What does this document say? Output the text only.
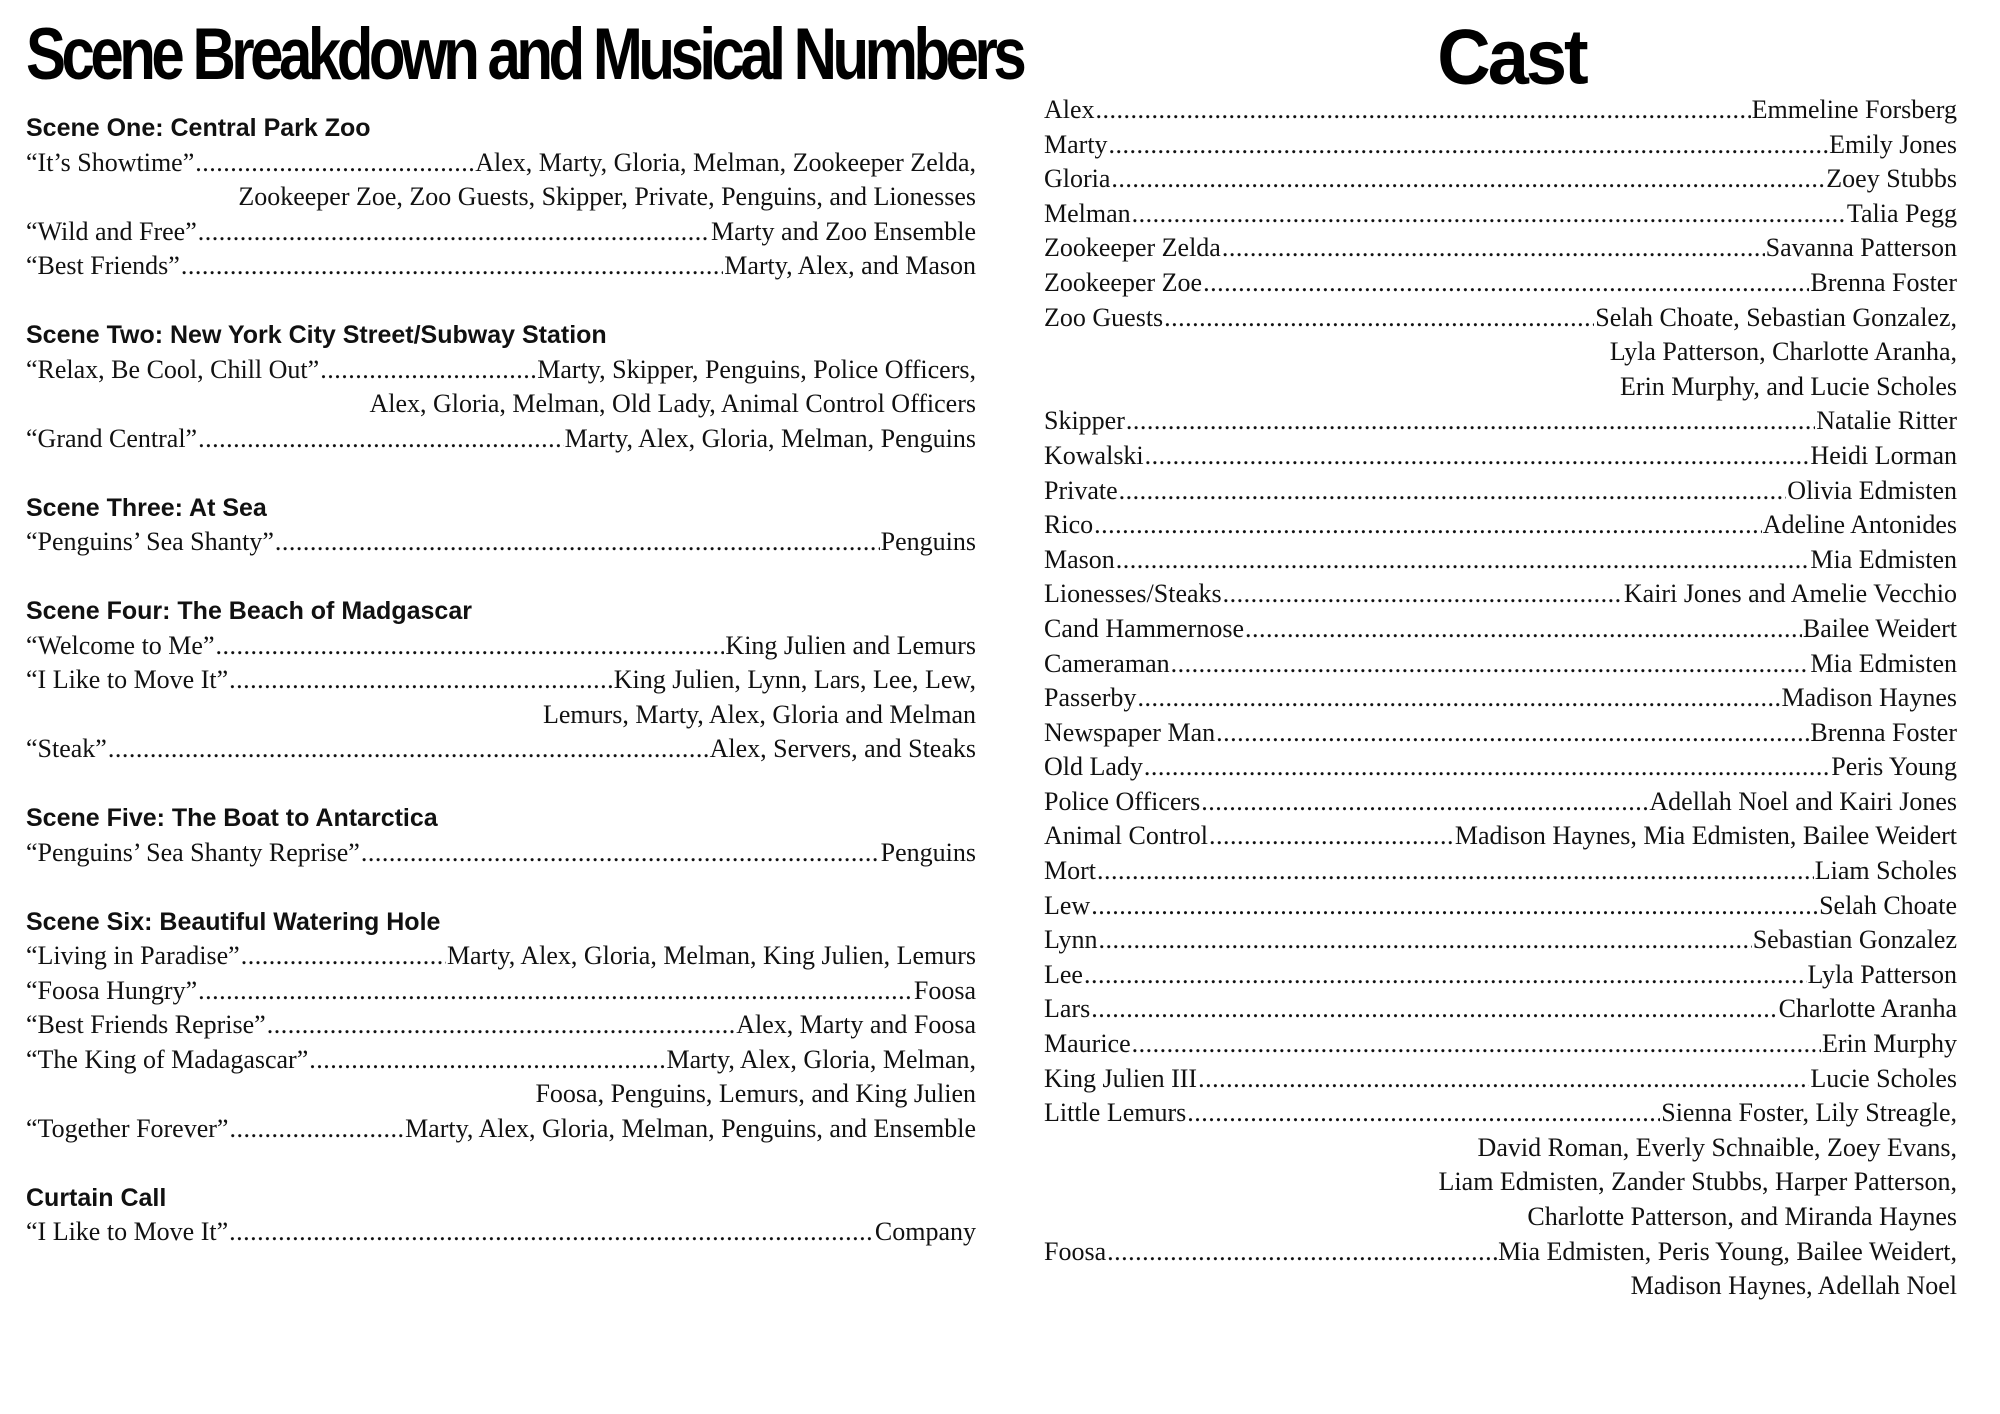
Scene Breakdown and Musical Numbers
Scene One: Central Park Zoo
“It’s Showtime” .....	Alex, Marty, Gloria, Melman, Zookeeper Zelda,
Zookeeper Zoe, Zoo Guests, Skipper, Private, Penguins, and Lionesses
“Wild and Free” .....	Marty and Zoo Ensemble
“Best Friends” .....	Marty, Alex, and Mason
Scene Two: New York City Street/Subway Station
“Relax, Be Cool, Chill Out” .....	Marty, Skipper, Penguins, Police Officers,
Alex, Gloria, Melman, Old Lady, Animal Control Officers
“Grand Central” .....	Marty, Alex, Gloria, Melman, Penguins
Scene Three: At Sea
“Penguins’ Sea Shanty” .....	Penguins
Scene Four: The Beach of Madgascar
“Welcome to Me” .....	King Julien and Lemurs
“I Like to Move It” .....	King Julien, Lynn, Lars, Lee, Lew,
Lemurs, Marty, Alex, Gloria and Melman
“Steak” .....	Alex, Servers, and Steaks
Scene Five: The Boat to Antarctica
“Penguins’ Sea Shanty Reprise” .....	Penguins
Scene Six: Beautiful Watering Hole
“Living in Paradise” .....	Marty, Alex, Gloria, Melman, King Julien, Lemurs
“Foosa Hungry” .....	Foosa
“Best Friends Reprise” .....	Alex, Marty and Foosa
“The King of Madagascar” .....	Marty, Alex, Gloria, Melman,
Foosa, Penguins, Lemurs, and King Julien
“Together Forever” .....	Marty, Alex, Gloria, Melman, Penguins, and Ensemble
Curtain Call
“I Like to Move It” .....	Company
Cast
Alex .....	Emmeline Forsberg
Marty .....	Emily Jones
Gloria .....	Zoey Stubbs
Melman .....	Talia Pegg
Zookeeper Zelda .....	Savanna Patterson
Zookeeper Zoe .....	Brenna Foster
Zoo Guests .....	Selah Choate, Sebastian Gonzalez,
Lyla Patterson, Charlotte Aranha,
Erin Murphy, and Lucie Scholes
Skipper .....	Natalie Ritter
Kowalski .....	Heidi Lorman
Private .....	Olivia Edmisten
Rico .....	Adeline Antonides
Mason .....	Mia Edmisten
Lionesses/Steaks .....	Kairi Jones and Amelie Vecchio
Cand Hammernose .....	Bailee Weidert
Cameraman .....	Mia Edmisten
Passerby .....	Madison Haynes
Newspaper Man .....	Brenna Foster
Old Lady .....	Peris Young
Police Officers .....	Adellah Noel and Kairi Jones
Animal Control .....	Madison Haynes, Mia Edmisten, Bailee Weidert
Mort .....	Liam Scholes
Lew .....	Selah Choate
Lynn .....	Sebastian Gonzalez
Lee .....	Lyla Patterson
Lars .....	Charlotte Aranha
Maurice .....	Erin Murphy
King Julien III .....	Lucie Scholes
Little Lemurs .....	Sienna Foster, Lily Streagle,
David Roman, Everly Schnaible, Zoey Evans,
Liam Edmisten, Zander Stubbs, Harper Patterson,
Charlotte Patterson, and Miranda Haynes
Foosa .....	Mia Edmisten, Peris Young, Bailee Weidert,
Madison Haynes, Adellah Noel
